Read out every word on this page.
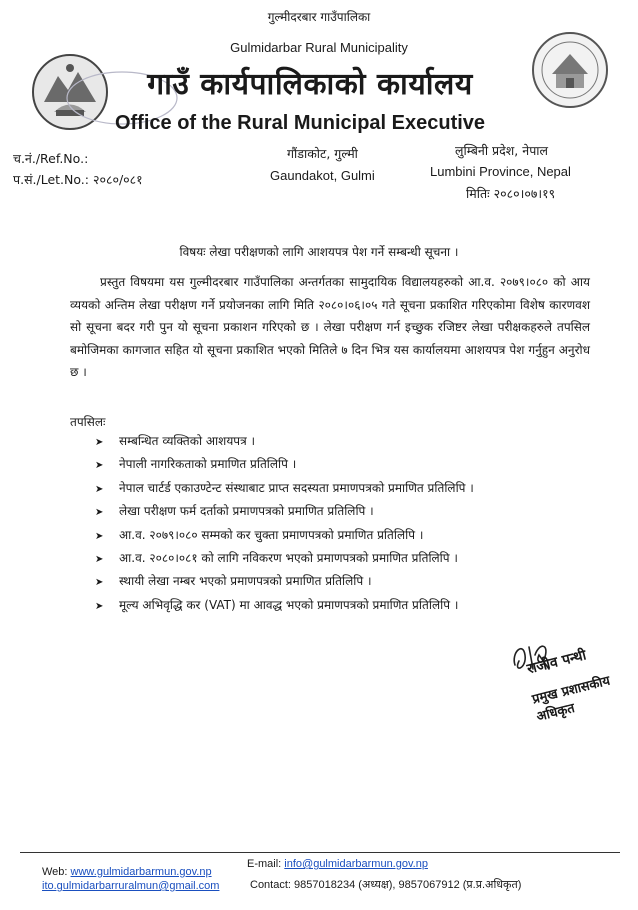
गुल्मीदरबार गाउँपालिका
Gulmidarbar Rural Municipality
गाउँ कार्यपालिकाको कार्यालय
Office of the Rural Municipal Executive
च.नं./Ref.No.:
प.सं./Let.No.: २०८०/०८१
गौंडाकोट, गुल्मी
Gaundakot, Gulmi
लुम्बिनी प्रदेश, नेपाल
Lumbini Province, Nepal
मितिः २०८०।०७।१९
विषयः लेखा परीक्षणको लागि आशयपत्र पेश गर्ने सम्बन्धी सूचना ।
प्रस्तुत विषयमा यस गुल्मीदरबार गाउँपालिका अन्तर्गतका सामुदायिक विद्यालयहरुको आ.व. २०७९।०८० को आय व्ययको अन्तिम लेखा परीक्षण गर्ने प्रयोजनका लागि मिति २०८०।०६।०५ गते सूचना प्रकाशित गरिएकोमा विशेष कारणवश सो सूचना बदर गरी पुन यो सूचना प्रकाशन गरिएको छ । लेखा परीक्षण गर्न इच्छुक रजिष्टर लेखा परीक्षकहरुले तपसिल बमोजिमका कागजात सहित यो सूचना प्रकाशित भएको मितिले ७ दिन भित्र यस कार्यालयमा आशयपत्र पेश गर्नुहुन अनुरोध छ ।
तपसिलः
➤ सम्बन्धित व्यक्तिको आशयपत्र ।
➤ नेपाली नागरिकताको प्रमाणित प्रतिलिपि ।
➤ नेपाल चार्टर्ड एकाउण्टेन्ट संस्थाबाट प्राप्त सदस्यता प्रमाणपत्रको प्रमाणित प्रतिलिपि ।
➤ लेखा परीक्षण फर्म दर्ताको प्रमाणपत्रको प्रमाणित प्रतिलिपि ।
➤ आ.व. २०७९।०८० सम्मको कर चुक्ता प्रमाणपत्रको प्रमाणित प्रतिलिपि ।
➤ आ.व. २०८०।०८१ को लागि नविकरण भएको प्रमाणपत्रको प्रमाणित प्रतिलिपि ।
➤ स्थायी लेखा नम्बर भएको प्रमाणपत्रको प्रमाणित प्रतिलिपि ।
➤ मूल्य अभिवृद्धि कर (VAT) मा आवद्ध भएको प्रमाणपत्रको प्रमाणित प्रतिलिपि ।
राजीव पन्थी
प्रमुख प्रशासकीय अधिकृत
Web: www.gulmidarbarmun.gov.np
ito.gulmidarbarruralmun@gmail.com
E-mail: info@gulmidarbarmun.gov.np
Contact: 9857018234 (अध्यक्ष), 9857067912 (प्र.प्र.अधिकृत)
